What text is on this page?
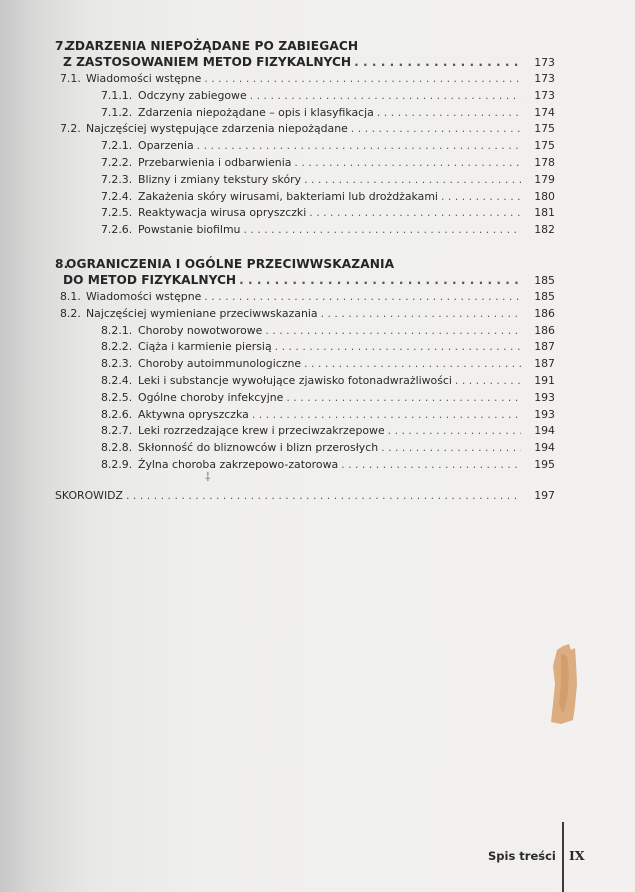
7.ZDARZENIA NIEPOŻĄDANE PO ZABIEGACH
Z ZASTOSOWANIEM METOD FIZYKALNYCH . . .	173
7.1. Wiadomości wstępne . . .	173
7.1.1. Odczyny zabiegowe . . .	173
7.1.2. Zdarzenia niepożądane – opis i klasyfikacja . . .	174
7.2. Najczęściej występujące zdarzenia niepożądane . . .	175
7.2.1. Oparzenia . . .	175
7.2.2. Przebarwienia i odbarwienia . . .	178
7.2.3. Blizny i zmiany tekstury skóry . . .	179
7.2.4. Zakażenia skóry wirusami, bakteriami lub drożdżakami . . .	180
7.2.5. Reaktywacja wirusa opryszczki . . .	181
7.2.6. Powstanie biofilmu . . .	182
8.OGRANICZENIA I OGÓLNE PRZECIWWSKAZANIA
DO METOD FIZYKALNYCH . . .	185
8.1. Wiadomości wstępne . . .	185
8.2. Najczęściej wymieniane przeciwwskazania . . .	186
8.2.1. Choroby nowotworowe . . .	186
8.2.2. Ciąża i karmienie piersią . . .	187
8.2.3. Choroby autoimmunologiczne . . .	187
8.2.4. Leki i substancje wywołujące zjawisko fotonadwrażliwości . . .	191
8.2.5. Ogólne choroby infekcyjne . . .	193
8.2.6. Aktywna opryszczka . . .	193
8.2.7. Leki rozrzedzające krew i przeciwzakrzepowe . . .	194
8.2.8. Skłonność do bliznowców i blizn przerosłych . . .	194
8.2.9. Żylna choroba zakrzepowo-zatorowa . . .	195
SKOROWIDZ . . .	197
⸸
Spis treści IX
